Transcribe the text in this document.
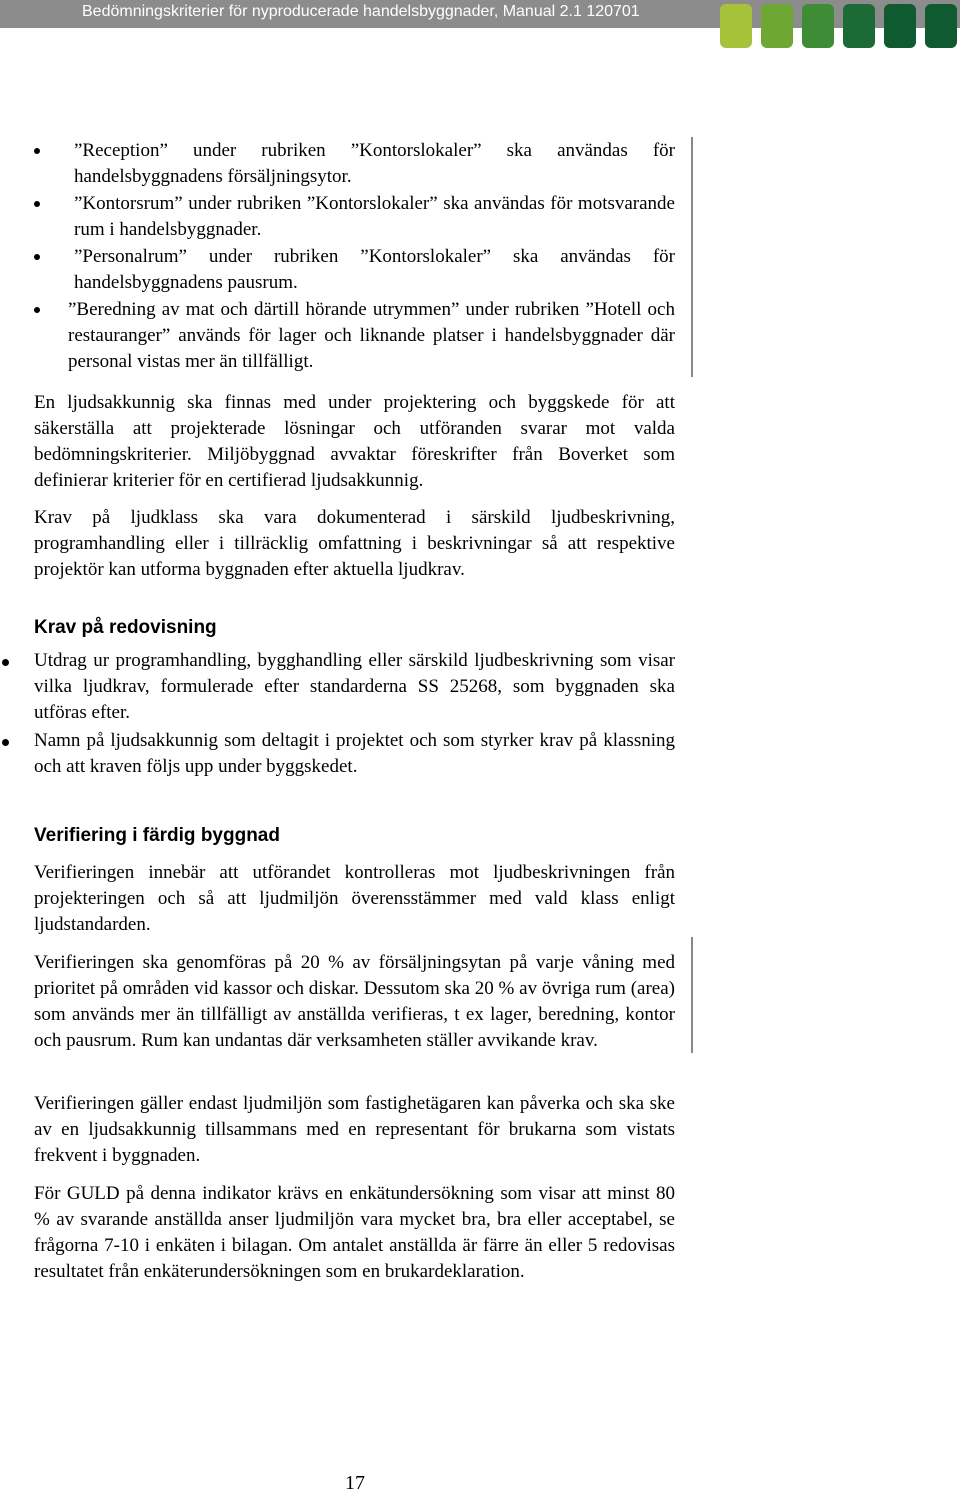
Bedömningskriterier för nyproducerade handelsbyggnader, Manual 2.1 120701
”Reception” under rubriken ”Kontorslokaler” ska användas för handelsbyggnadens försäljningsytor.
”Kontorsrum” under rubriken ”Kontorslokaler” ska användas för motsvarande rum i handelsbyggnader.
”Personalrum” under rubriken ”Kontorslokaler” ska användas för handelsbyggnadens pausrum.
”Beredning av mat och därtill hörande utrymmen” under rubriken ”Hotell och restauranger” används för lager och liknande platser i handelsbyggnader där personal vistas mer än tillfälligt.

En ljudsakkunnig ska finnas med under projektering och byggskede för att säkerställa att projekterade lösningar och utföranden svarar mot valda bedömningskriterier. Miljöbyggnad avvaktar föreskrifter från Boverket som definierar kriterier för en certifierad ljudsakkunnig.

Krav på ljudklass ska vara dokumenterad i särskild ljudbeskrivning, programhandling eller i tillräcklig omfattning i beskrivningar så att respektive projektör kan utforma byggnaden efter aktuella ljudkrav.

Krav på redovisning
Utdrag ur programhandling, bygghandling eller särskild ljudbeskrivning som visar vilka ljudkrav, formulerade efter standarderna SS 25268, som byggnaden ska utföras efter.
Namn på ljudsakkunnig som deltagit i projektet och som styrker krav på klassning och att kraven följs upp under byggskedet.
Verifiering i färdig byggnad

Verifieringen innebär att utförandet kontrolleras mot ljudbeskrivningen från projekteringen och så att ljudmiljön överensstämmer med vald klass enligt ljudstandarden.

Verifieringen ska genomföras på 20 % av försäljningsytan på varje våning med prioritet på områden vid kassor och diskar. Dessutom ska 20 % av övriga rum (area) som används mer än tillfälligt av anställda verifieras, t ex lager, beredning, kontor och pausrum. Rum kan undantas där verksamheten ställer avvikande krav.

Verifieringen gäller endast ljudmiljön som fastighetägaren kan påverka och ska ske av en ljudsakkunnig tillsammans med en representant för brukarna som vistats frekvent i byggnaden.

För GULD på denna indikator krävs en enkätundersökning som visar att minst 80 % av svarande anställda anser ljudmiljön vara mycket bra, bra eller acceptabel, se frågorna 7-10 i enkäten i bilagan. Om antalet anställda är färre än eller 5 redovisas resultatet från enkäterundersökningen som en brukardeklaration.

17
